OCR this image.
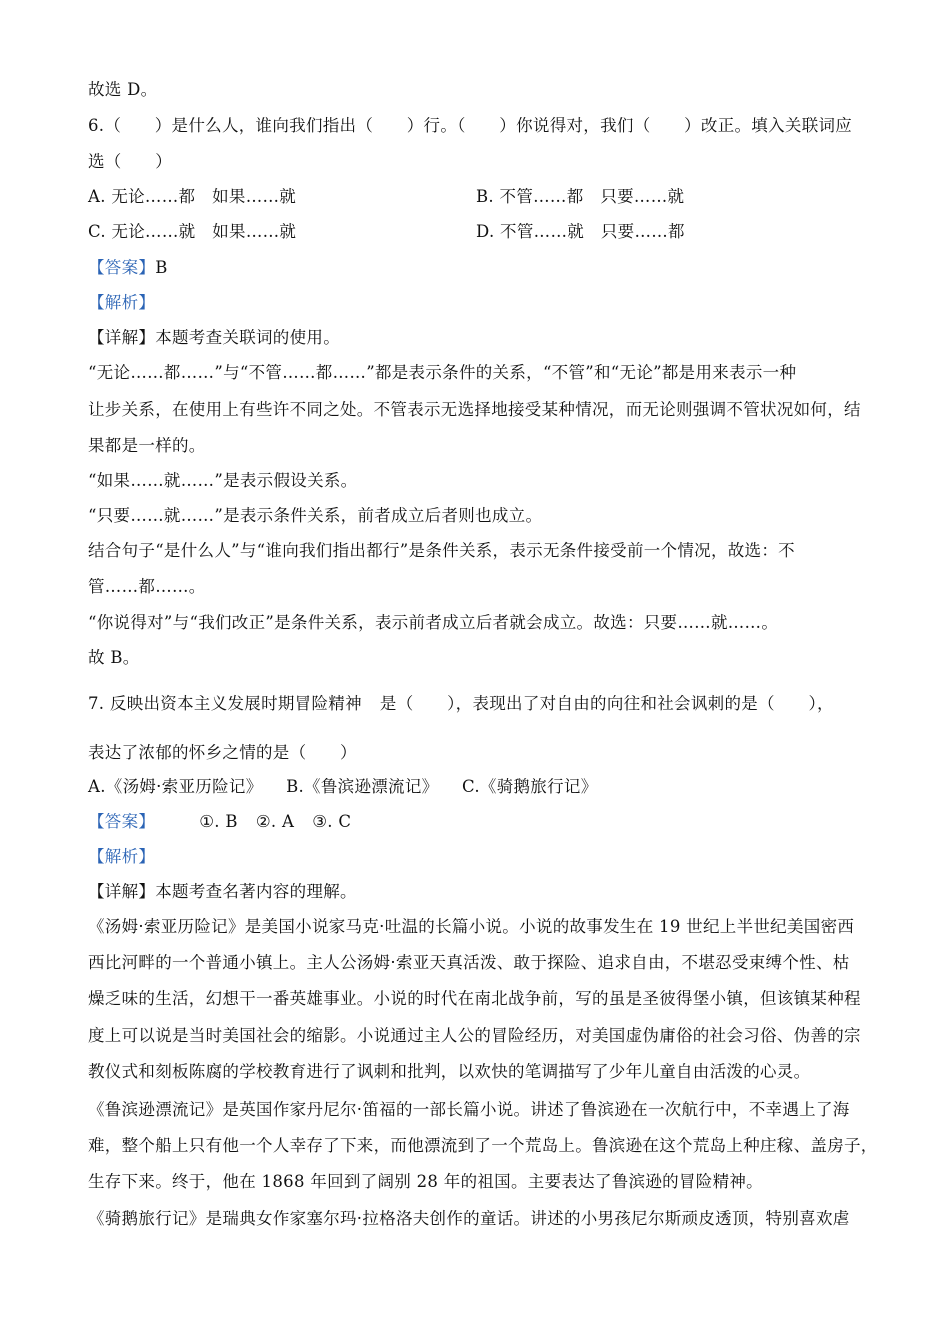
故选 D。
6.（　　）是什么人，谁向我们指出（　　）行。（　　）你说得对，我们（　　）改正。填入关联词应
选（　　）
A. 无论……都　如果……就	B. 不管……都　只要……就
C. 无论……就　如果……就	D. 不管……就　只要……都
【答案】B
【解析】
【详解】本题考查关联词的使用。
“无论……都……”与“不管……都……”都是表示条件的关系，“不管”和“无论”都是用来表示一种
让步关系，在使用上有些许不同之处。不管表示无选择地接受某种情况，而无论则强调不管状况如何，结
果都是一样的。
“如果……就……”是表示假设关系。
“只要……就……”是表示条件关系，前者成立后者则也成立。
结合句子“是什么人”与“谁向我们指出都行”是条件关系，表示无条件接受前一个情况，故选：不
管……都……。
“你说得对”与“我们改正”是条件关系，表示前者成立后者就会成立。故选：只要……就……。
故 B。
7. 反映出资本主义发展时期冒险精神 是（　　），表现出了对自由的向往和社会讽刺的是（　　），
表达了浓郁的怀乡之情的是（　　）
A.《汤姆·索亚历险记》 B.《鲁滨逊漂流记》 C.《骑鹅旅行记》
【答案】	①. B ②. A ③. C
【解析】
【详解】本题考查名著内容的理解。
《汤姆·索亚历险记》是美国小说家马克·吐温的长篇小说。小说的故事发生在 19 世纪上半世纪美国密西
西比河畔的一个普通小镇上。主人公汤姆·索亚天真活泼、敢于探险、追求自由，不堪忍受束缚个性、枯
燥乏味的生活，幻想干一番英雄事业。小说的时代在南北战争前，写的虽是圣彼得堡小镇，但该镇某种程
度上可以说是当时美国社会的缩影。小说通过主人公的冒险经历，对美国虚伪庸俗的社会习俗、伪善的宗
教仪式和刻板陈腐的学校教育进行了讽刺和批判，以欢快的笔调描写了少年儿童自由活泼的心灵。
《鲁滨逊漂流记》是英国作家丹尼尔·笛福的一部长篇小说。讲述了鲁滨逊在一次航行中，不幸遇上了海
难，整个船上只有他一个人幸存了下来，而他漂流到了一个荒岛上。鲁滨逊在这个荒岛上种庄稼、盖房子，
生存下来。终于，他在 1868 年回到了阔别 28 年的祖国。主要表达了鲁滨逊的冒险精神。
《骑鹅旅行记》是瑞典女作家塞尔玛·拉格洛夫创作的童话。讲述的小男孩尼尔斯顽皮透顶，特别喜欢虐
